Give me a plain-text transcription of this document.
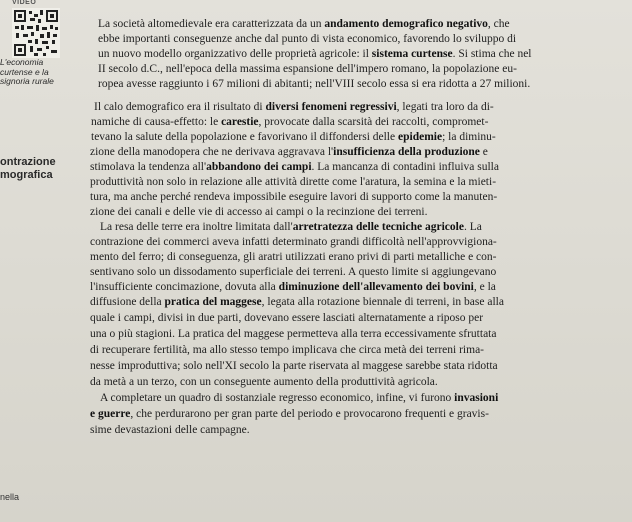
VIDEO
L'economia
curtense e la
signoria rurale
ontrazione
mografica
nella
La società altomedievale era caratterizzata da un andamento demografico negativo, che
ebbe importanti conseguenze anche dal punto di vista economico, favorendo lo sviluppo di
un nuovo modello organizzativo delle proprietà agricole: il sistema curtense. Si stima che nel
II secolo d.C., nell'epoca della massima espansione dell'impero romano, la popolazione eu-
ropea avesse raggiunto i 67 milioni di abitanti; nell'VIII secolo essa si era ridotta a 27 milioni.
Il calo demografico era il risultato di diversi fenomeni regressivi, legati tra loro da di-
namiche di causa-effetto: le carestie, provocate dalla scarsità dei raccolti, compromet-
tevano la salute della popolazione e favorivano il diffondersi delle epidemie; la diminu-
zione della manodopera che ne derivava aggravava l'insufficienza della produzione e
stimolava la tendenza all'abbandono dei campi. La mancanza di contadini influiva sulla
produttività non solo in relazione alle attività dirette come l'aratura, la semina e la mieti-
tura, ma anche perché rendeva impossibile eseguire lavori di supporto come la manuten-
zione dei canali e delle vie di accesso ai campi o la recinzione dei terreni.
La resa delle terre era inoltre limitata dall'arretratezza delle tecniche agricole. La
contrazione dei commerci aveva infatti determinato grandi difficoltà nell'approvvigiona-
mento del ferro; di conseguenza, gli aratri utilizzati erano privi di parti metalliche e con-
sentivano solo un dissodamento superficiale dei terreni. A questo limite si aggiungevano
l'insufficiente concimazione, dovuta alla diminuzione dell'allevamento dei bovini, e la
diffusione della pratica del maggese, legata alla rotazione biennale di terreni, in base alla
quale i campi, divisi in due parti, dovevano essere lasciati alternatamente a riposo per
una o più stagioni. La pratica del maggese permetteva alla terra eccessivamente sfruttata
di recuperare fertilità, ma allo stesso tempo implicava che circa metà dei terreni rima-
nesse improduttiva; solo nell'XI secolo la parte riservata al maggese sarebbe stata ridotta
da metà a un terzo, con un conseguente aumento della produttività agricola.
A completare un quadro di sostanziale regresso economico, infine, vi furono invasioni
e guerre, che perdurarono per gran parte del periodo e provocarono frequenti e gravis-
sime devastazioni delle campagne.
